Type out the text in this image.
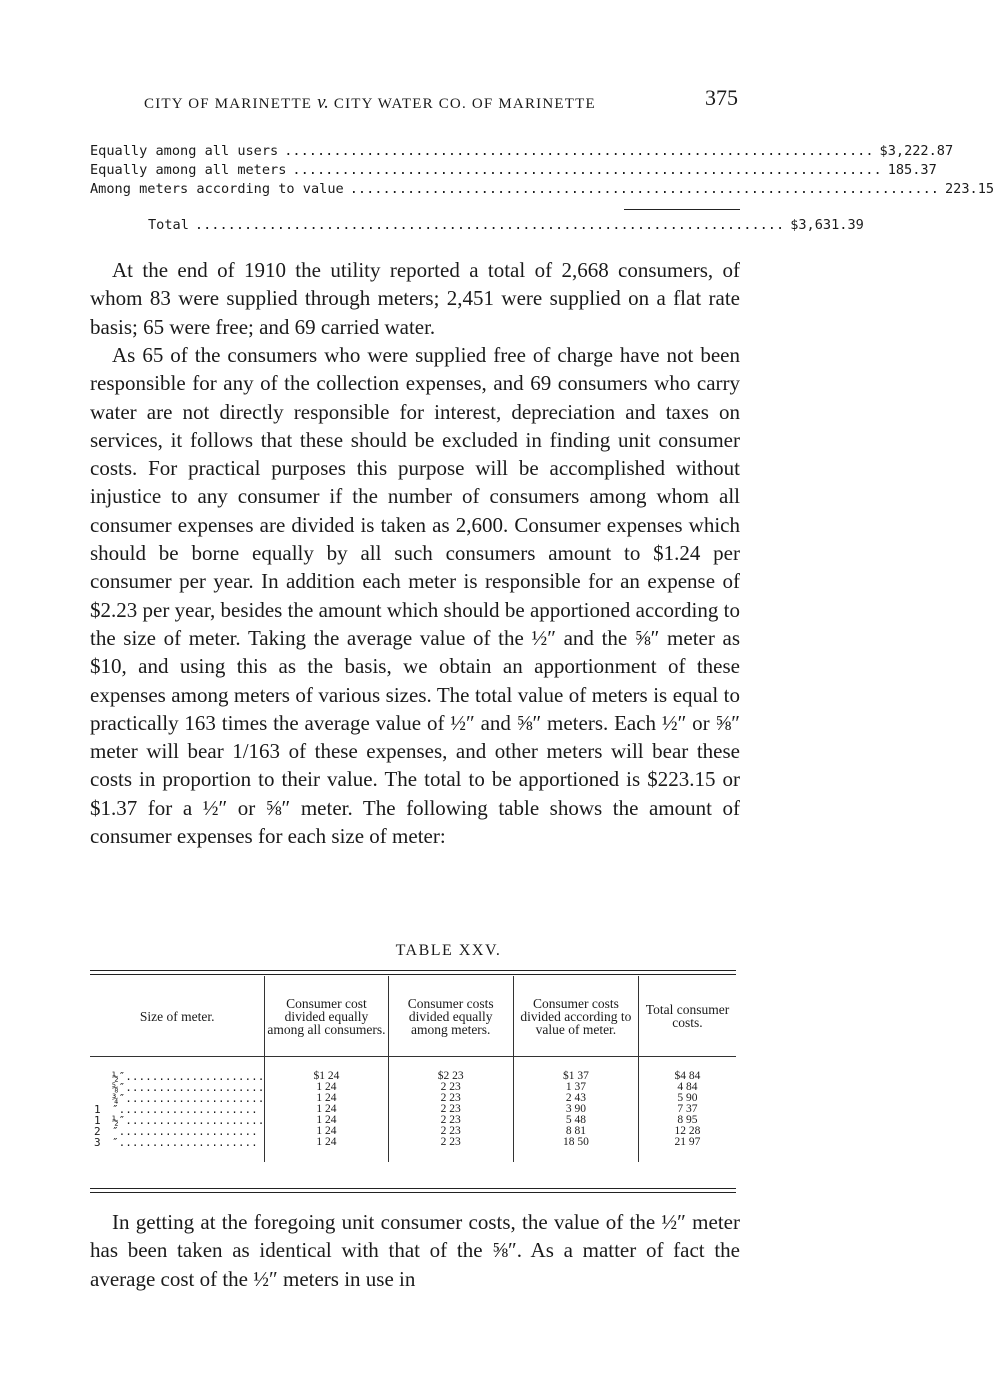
CITY OF MARINETTE v. CITY WATER CO. OF MARINETTE	375
Equally among all users ........................................................................ $3,222.87
Equally among all meters ........................................................................ 185.37
Among meters according to value ........................................................................ 223.15
Total ........................................................................ $3,631.39

At the end of 1910 the utility reported a total of 2,668 consumers, of whom 83 were supplied through meters; 2,451 were supplied on a flat rate basis; 65 were free; and 69 carried water.

As 65 of the consumers who were supplied free of charge have not been responsible for any of the collection expenses, and 69 consumers who carry water are not directly responsible for interest, depreciation and taxes on services, it follows that these should be excluded in finding unit consumer costs. For practical purposes this purpose will be accomplished without injustice to any consumer if the number of consumers among whom all consumer expenses are divided is taken as 2,600. Consumer expenses which should be borne equally by all such consumers amount to $1.24 per consumer per year. In addition each meter is responsible for an expense of $2.23 per year, besides the amount which should be apportioned according to the size of meter. Taking the average value of the ½″ and the ⅝″ meter as $10, and using this as the basis, we obtain an apportionment of these expenses among meters of various sizes. The total value of meters is equal to practically 163 times the average value of ½″ and ⅝″ meters. Each ½″ or ⅝″ meter will bear 1/163 of these expenses, and other meters will bear these costs in proportion to their value. The total to be apportioned is $223.15 or $1.37 for a ½″ or ⅝″ meter. The following table shows the amount of consumer expenses for each size of meter:

TABLE XXV.
Size of meter.	Consumer cost divided equally among all consumers.	Consumer costs divided equally among meters.	Consumer costs divided according to value of meter.	Total consumer costs.

½″.....................	$1 24	$2 23	$1 37	$4 84
⅝″.....................	1 24	2 23	1 37	4 84
¾″.....................	1 24	2 23	2 43	5 90
1 ″.....................	1 24	2 23	3 90	7 37
1 ½″.....................	1 24	2 23	5 48	8 95
2 ″.....................	1 24	2 23	8 81	12 28
3 ″.....................	1 24	2 23	18 50	21 97

In getting at the foregoing unit consumer costs, the value of the ½″ meter has been taken as identical with that of the ⅝″. As a matter of fact the average cost of the ½″ meters in use in
